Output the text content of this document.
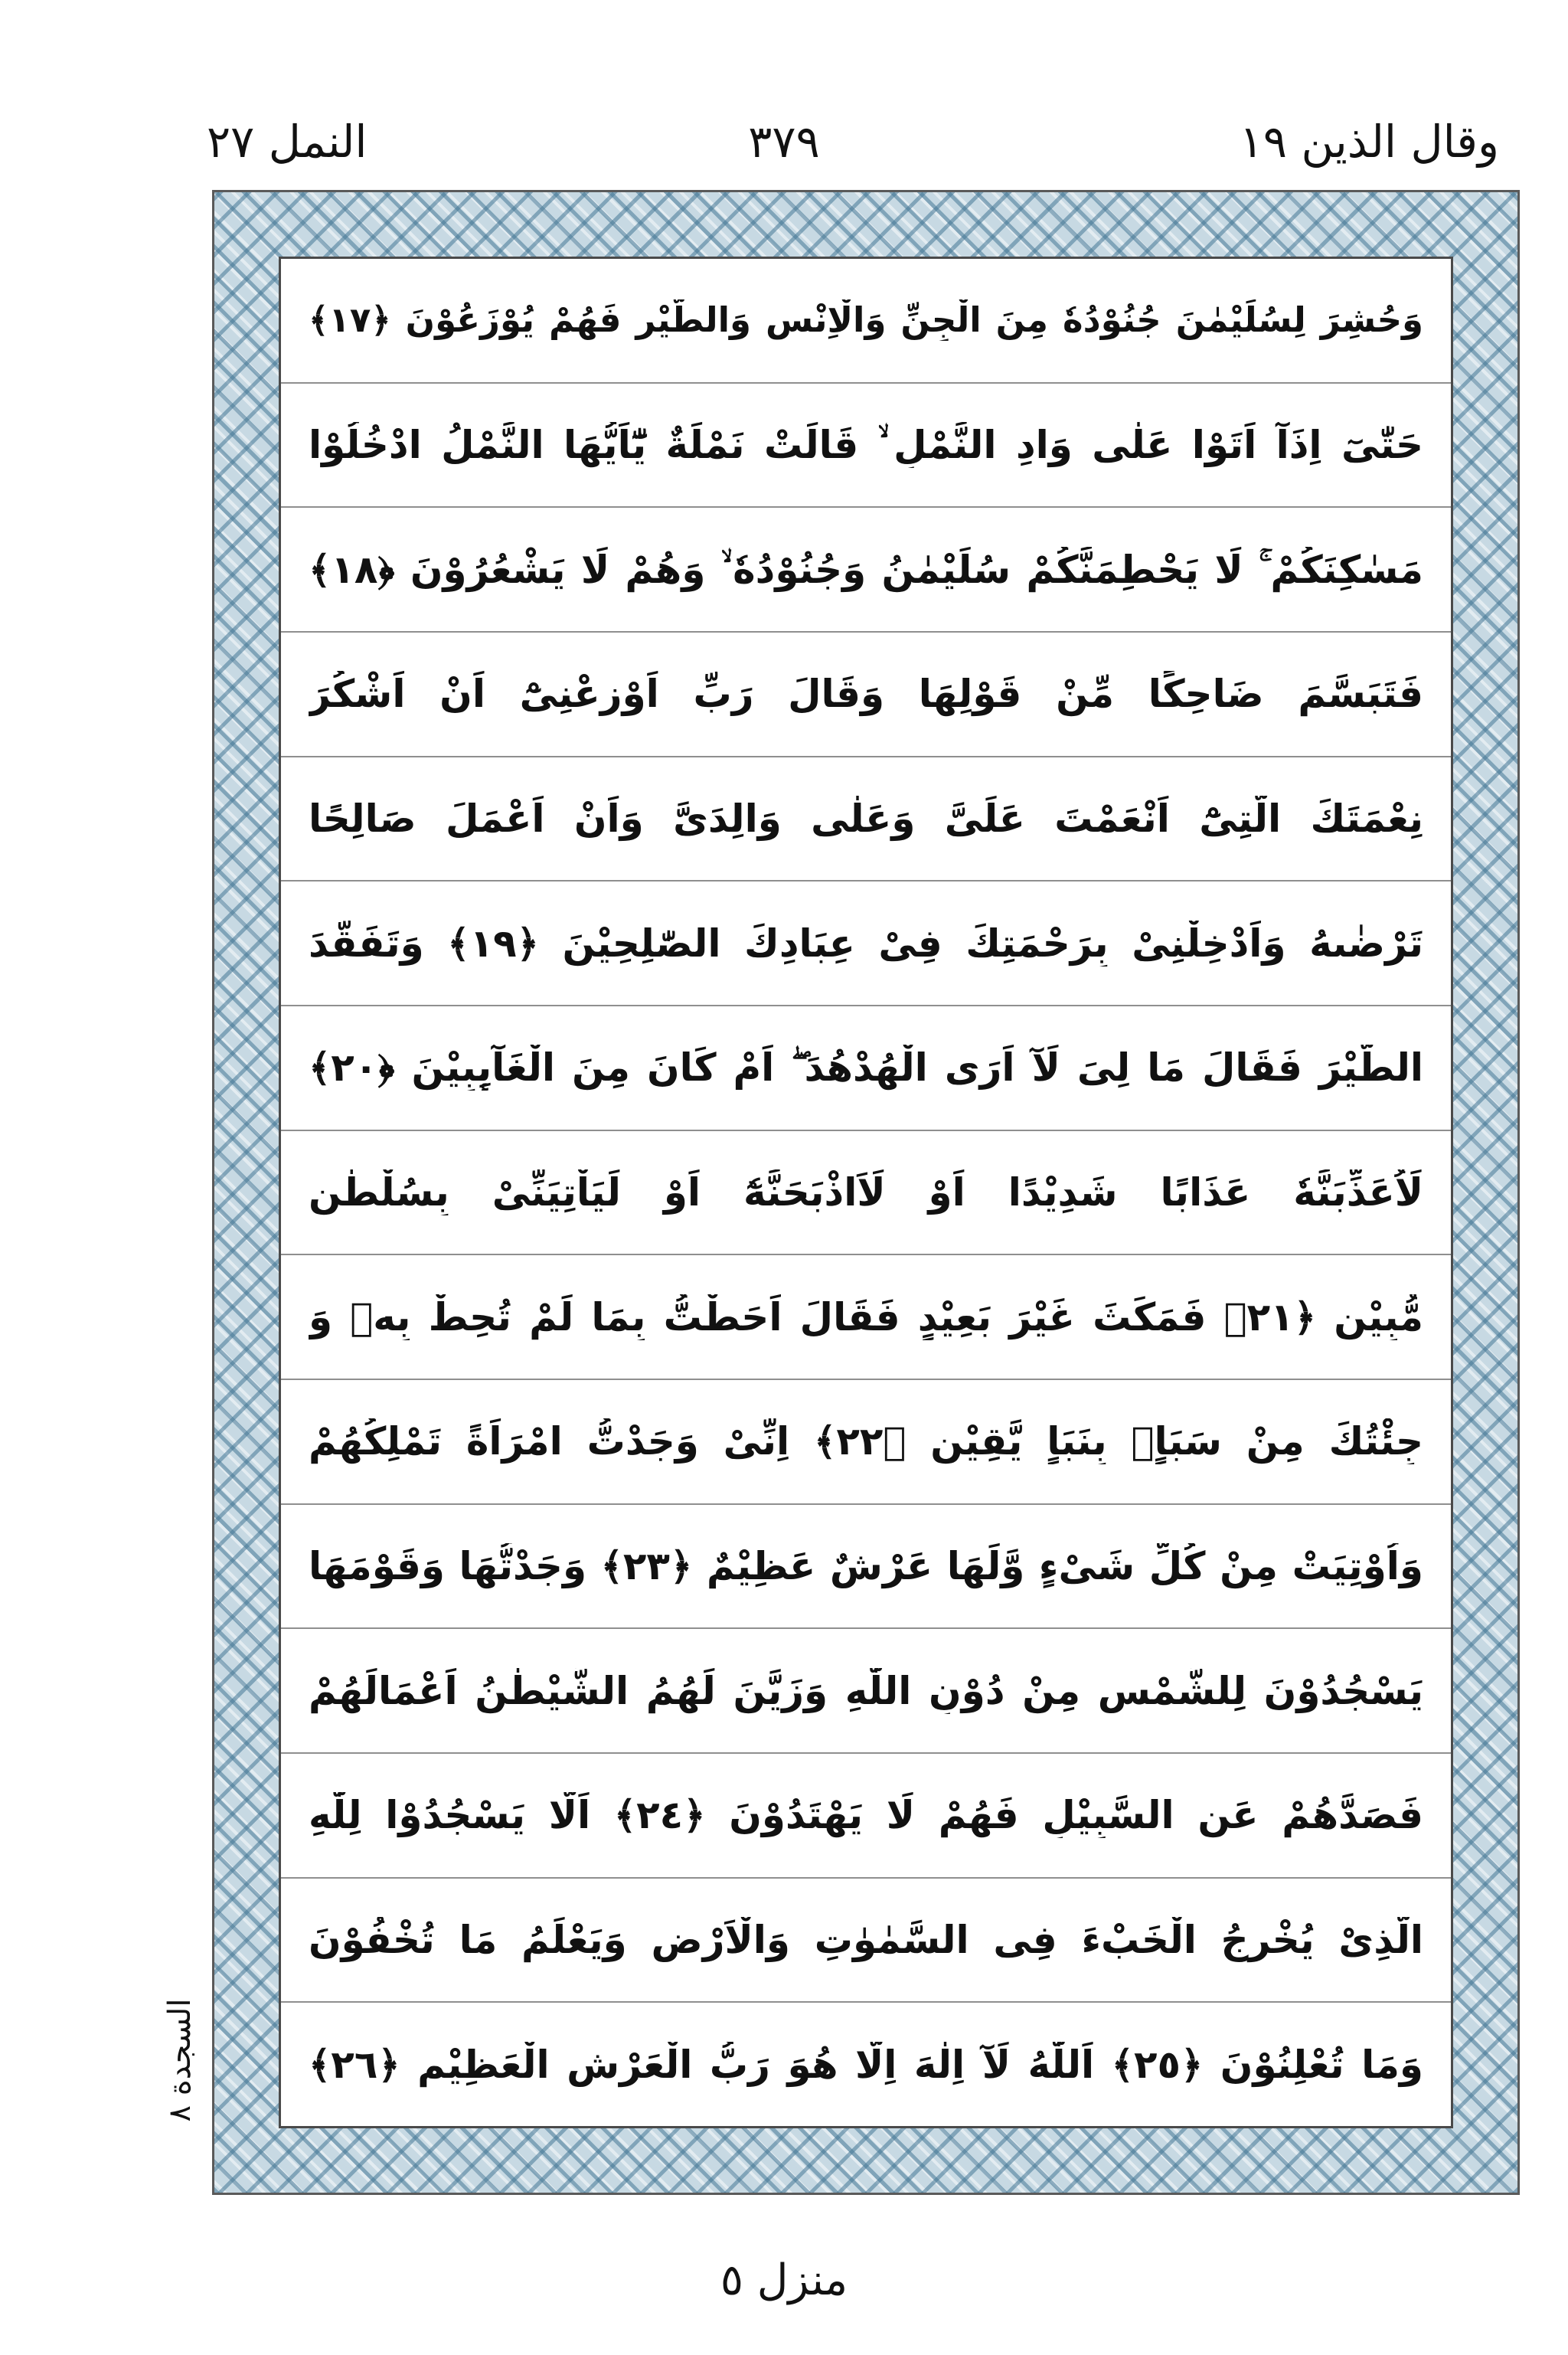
وقال الذين ١٩
٣٧٩
النمل ٢٧
وَحُشِرَ لِسُلَيْمٰنَ جُنُوْدُهٗ مِنَ الْجِنِّ وَالْاِنْسِ وَالطَّيْرِ فَهُمْ يُوْزَعُوْنَ ﴿١٧﴾
حَتّٰىٓ اِذَآ اَتَوْا عَلٰى وَادِ النَّمْلِ ۙ قَالَتْ نَمْلَةٌ يّٰٓاَيُّهَا النَّمْلُ ادْخُلُوْا
مَسٰكِنَكُمْ ۚ لَا يَحْطِمَنَّكُمْ سُلَيْمٰنُ وَجُنُوْدُهٗ ۙ وَهُمْ لَا يَشْعُرُوْنَ ﴿١٨﴾
فَتَبَسَّمَ ضَاحِكًا مِّنْ قَوْلِهَا وَقَالَ رَبِّ اَوْزِعْنِیْٓ اَنْ اَشْكُرَ
نِعْمَتَكَ الَّتِیْٓ اَنْعَمْتَ عَلَیَّ وَعَلٰى وَالِدَیَّ وَاَنْ اَعْمَلَ صَالِحًا
تَرْضٰىهُ وَاَدْخِلْنِیْ بِرَحْمَتِكَ فِیْ عِبَادِكَ الصّٰلِحِیْنَ ﴿١٩﴾ وَتَفَقَّدَ
الطَّیْرَ فَقَالَ مَا لِیَ لَآ اَرَى الْهُدْهُدَ ۖ اَمْ كَانَ مِنَ الْغَآىِٕبِیْنَ ﴿٢٠﴾
لَاُعَذِّبَنَّهٗ عَذَابًا شَدِیْدًا اَوْ لَاَاذْبَحَنَّهٗٓ اَوْ لَیَاْتِیَنِّیْ بِسُلْطٰنٍ
مُّبِیْنٍ ﴿٢١﴾ فَمَكَثَ غَیْرَ بَعِیْدٍ فَقَالَ اَحَطْتُّ بِمَا لَمْ تُحِطْ بِهٖ وَ
جِئْتُكَ مِنْ سَبَاٍۭ بِنَبَاٍ یَّقِیْنٍ ﴿٢٢﴾ اِنِّیْ وَجَدْتُّ امْرَاَةً تَمْلِكُهُمْ
وَاُوْتِیَتْ مِنْ كُلِّ شَیْءٍ وَّلَهَا عَرْشٌ عَظِیْمٌ ﴿٢٣﴾ وَجَدْتُّهَا وَقَوْمَهَا
یَسْجُدُوْنَ لِلشَّمْسِ مِنْ دُوْنِ اللّٰهِ وَزَیَّنَ لَهُمُ الشَّیْطٰنُ اَعْمَالَهُمْ
فَصَدَّهُمْ عَنِ السَّبِیْلِ فَهُمْ لَا یَهْتَدُوْنَ ﴿٢٤﴾ اَلَّا یَسْجُدُوْا لِلّٰهِ
الَّذِیْ یُخْرِجُ الْخَبْءَ فِی السَّمٰوٰتِ وَالْاَرْضِ وَیَعْلَمُ مَا تُخْفُوْنَ
وَمَا تُعْلِنُوْنَ ﴿٢٥﴾ اَللّٰهُ لَآ اِلٰهَ اِلَّا هُوَ رَبُّ الْعَرْشِ الْعَظِیْمِ ﴿٢٦﴾
السجدة ٨
منزل ٥
